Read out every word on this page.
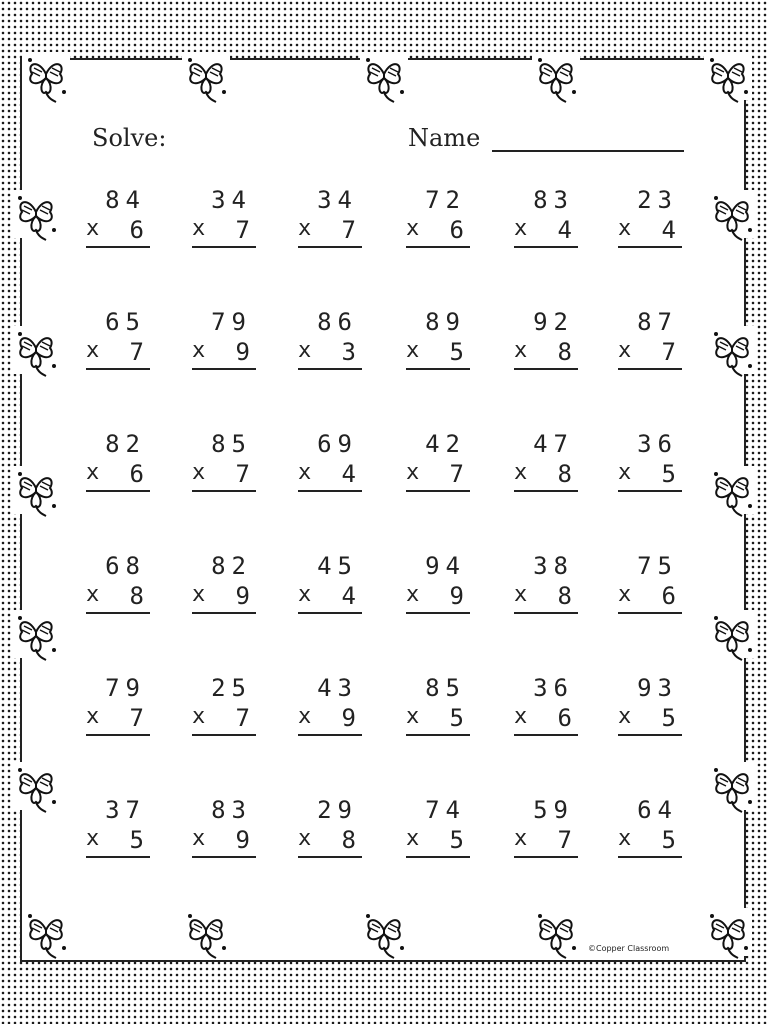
Solve:	Name
84
x 6
34
x 7
34
x 7
72
x 6
83
x 4
23
x 4
65
x 7
79
x 9
86
x 3
89
x 5
92
x 8
87
x 7
82
x 6
85
x 7
69
x 4
42
x 7
47
x 8
36
x 5
68
x 8
82
x 9
45
x 4
94
x 9
38
x 8
75
x 6
79
x 7
25
x 7
43
x 9
85
x 5
36
x 6
93
x 5
37
x 5
83
x 9
29
x 8
74
x 5
59
x 7
64
x 5
©Copper Classroom
